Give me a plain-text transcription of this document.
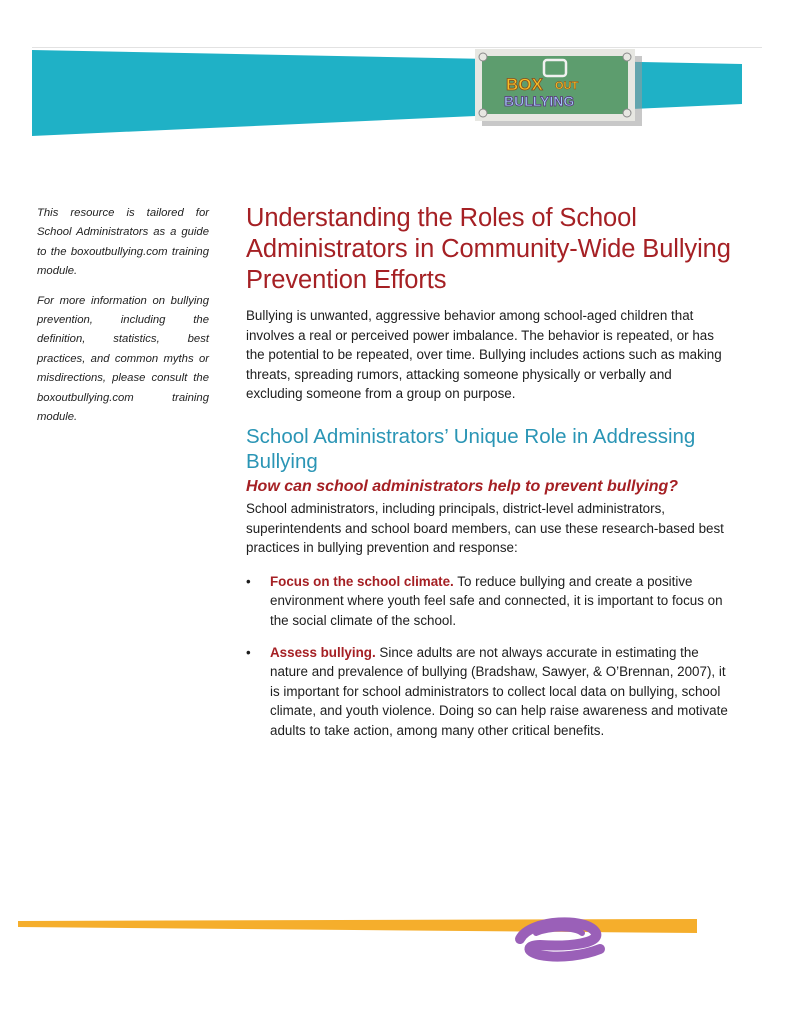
BOX OUT
BULLYING

This resource is tailored for School Administrators as a guide to the boxoutbullying.com training module.

For more information on bullying prevention, including the definition, statistics, best practices, and common myths or misdirections, please consult the boxoutbullying.com training module.

Understanding the Roles of School Administrators in Community-Wide Bullying Prevention Efforts

Bullying is unwanted, aggressive behavior among school-aged children that involves a real or perceived power imbalance. The behavior is repeated, or has the potential to be repeated, over time. Bullying includes actions such as making threats, spreading rumors, attacking someone physically or verbally and excluding someone from a group on purpose.

School Administrators’ Unique Role in Addressing Bullying
How can school administrators help to prevent bullying?

School administrators, including principals, district-level administrators, superintendents and school board members, can use these research-based best practices in bullying prevention and response:

• Focus on the school climate. To reduce bullying and create a positive environment where youth feel safe and connected, it is important to focus on the social climate of the school.
• Assess bullying. Since adults are not always accurate in estimating the nature and prevalence of bullying (Bradshaw, Sawyer, & O’Brennan, 2007), it is important for school administrators to collect local data on bullying, school climate, and youth violence. Doing so can help raise awareness and motivate adults to take action, among many other critical benefits.
